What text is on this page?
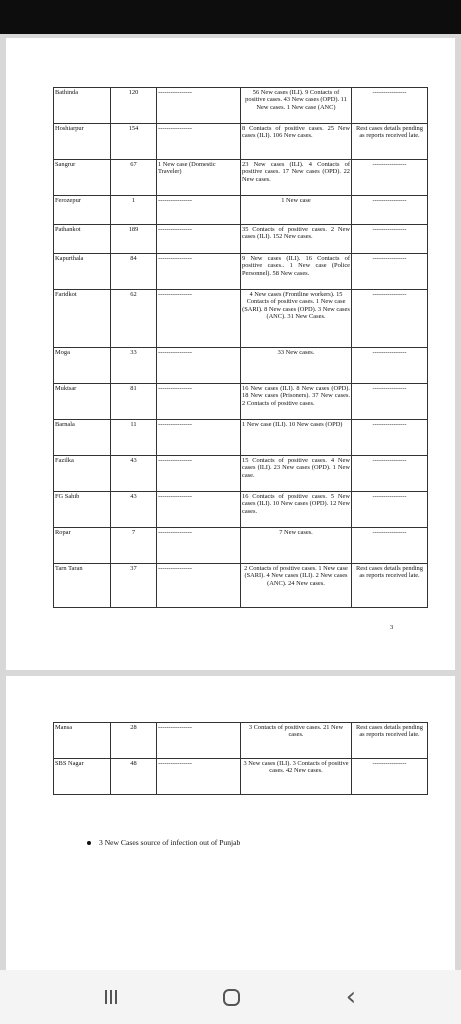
Bathinda	120	----------------	56 New cases (ILI). 9 Contacts of positive cases. 43 New cases (OPD). 11 New cases. 1 New case (ANC)	----------------
Hoshiarpur	154	----------------	8 Contacts of positive cases. 25 New cases (ILI). 106 New cases.	Rest cases details pending as reports received late.
Sangrur	67	1 New case (Domestic Traveler)	23 New cases (ILI). 4 Contacts of positive cases. 17 New cases (OPD). 22 New cases.	----------------
Ferozepur	1	----------------	1 New case	----------------
Pathankot	189	----------------	35 Contacts of positive cases. 2 New cases (ILI). 152 New cases.	----------------
Kapurthala	84	----------------	9 New cases (ILI). 16 Contacts of positive cases.. 1 New case (Police Personnel). 58 New cases.	----------------
Faridkot	62	----------------	4 New cases (Frontline workers). 15 Contacts of positive cases. 1 New case (SARI). 8 New cases (OPD). 3 New cases (ANC). 31 New Cases.	----------------
Moga	33	----------------	33 New cases.	----------------
Muktsar	81	----------------	16 New cases (ILI). 8 New cases (OPD). 18 New cases (Prisoners). 37 New cases. 2 Contacts of positive cases.	----------------
Barnala	11	----------------	1 New case (ILI). 10 New cases (OPD)	----------------
Fazilka	43	----------------	15 Contacts of positive cases. 4 New cases (ILI). 23 New cases (OPD). 1 New case.	----------------
FG Sahib	43	----------------	16 Contacts of positive cases. 5 New cases (ILI). 10 New cases (OPD). 12 New cases.	----------------
Ropar	7	----------------	7 New cases.	----------------
Tarn Taran	37	----------------	2 Contacts of positive cases. 1 New case (SARI). 4 New cases (ILI). 2 New cases (ANC). 24 New cases.	Rest cases details pending as reports received late.
3
Mansa	28	----------------	3 Contacts of positive cases. 21 New cases.	Rest cases details pending as reports received late.
SBS Nagar	48	----------------	3 New cases (ILI). 3 Contacts of positive cases. 42 New cases.	----------------
3 New Cases source of infection out of Punjab
‹
